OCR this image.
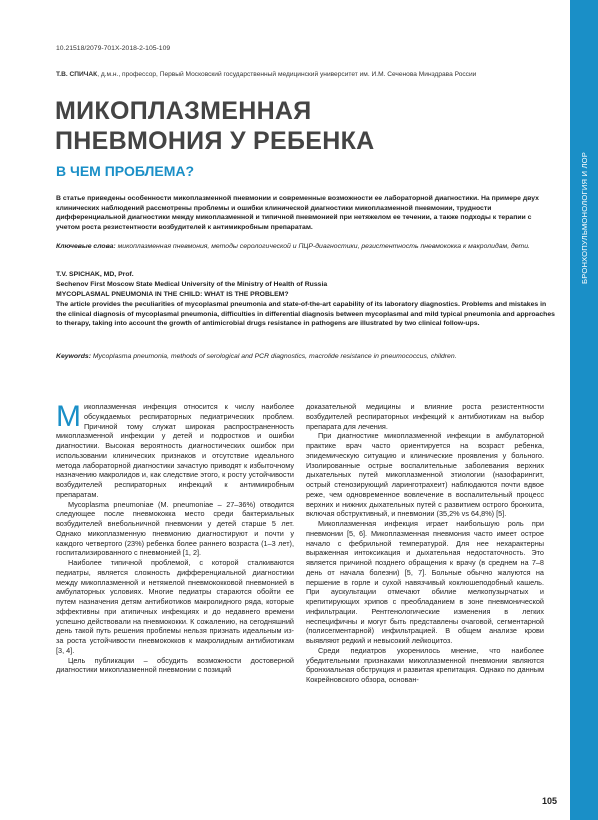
БРОНХОПУЛЬМОНОЛОГИЯ И ЛОР
10.21518/2079-701X-2018-2-105-109
Т.В. СПИЧАК, д.м.н., профессор, Первый Московский государственный медицинский университет им. И.М. Сеченова Минздрава России
МИКОПЛАЗМЕННАЯ
ПНЕВМОНИЯ У РЕБЕНКА
В ЧЕМ ПРОБЛЕМА?
В статье приведены особенности микоплазменной пневмонии и современные возможности ее лабораторной диагностики. На примере двух клинических наблюдений рассмотрены проблемы и ошибки клинической диагностики микоплазменной пневмонии, трудности дифференциальной диагностики между микоплазменной и типичной пневмонией при нетяжелом ее течении, а также подходы к терапии с учетом роста резистентности возбудителей к антимикробным препаратам.
Ключевые слова: микоплазменная пневмония, методы серологической и ПЦР-диагностики, резистентность пневмококка к макролидам, дети.
T.V. SPICHAK, MD, Prof.
Sechenov First Moscow State Medical University of the Ministry of Health of Russia
MYCOPLASMAL PNEUMONIA IN THE CHILD: WHAT IS THE PROBLEM?
The article provides the peculiarities of mycoplasmal pneumonia and state-of-the-art capability of its laboratory diagnostics. Problems and mistakes in the clinical diagnosis of mycoplasmal pneumonia, difficulties in differential diagnosis between mycoplasmal and mild typical pneumonia and approaches to therapy, taking into account the growth of antimicrobial drugs resistance in pathogens are illustrated by two clinical follow-ups.
Keywords: Mycoplasma pneumonia, methods of serological and PCR diagnostics, macrolide resistance in pneumococcus, children.

Микоплазменная инфекция относится к числу наиболее обсуждаемых респираторных педиатрических проблем. Причиной тому служат широкая распространенность микоплазменной инфекции у детей и подростков и ошибки диагностики. Высокая вероятность диагностических ошибок при использовании клинических признаков и отсутствие идеального метода лабораторной диагностики зачастую приводят к избыточному назначению макролидов и, как следствие этого, к росту устойчивости возбудителей респираторных инфекций к антимикробным препаратам.

Mycoplasma pneumoniae (M. pneumoniae – 27–36%) отводится следующее после пневмококка место среди бактериальных возбудителей внебольничной пневмонии у детей старше 5 лет. Однако микоплазменную пневмонию диагностируют и почти у каждого четвертого (23%) ребенка более раннего возраста (1–3 лет), госпитализированного с пневмонией [1, 2].

Наиболее типичной проблемой, с которой сталкиваются педиатры, является сложность дифференциальной диагностики между микоплазменной и нетяжелой пневмококковой пневмонией в амбулаторных условиях. Многие педиатры стараются обойти ее путем назначения детям антибиотиков макролидного ряда, которые эффективны при атипичных инфекциях и до недавнего времени успешно действовали на пневмококки. К сожалению, на сегодняшний день такой путь решения проблемы нельзя признать идеальным из-за роста устойчивости пневмококков к макролидным антибиотикам [3, 4].

Цель публикации – обсудить возможности достоверной диагностики микоплазменной пневмонии с позиций

доказательной медицины и влияние роста резистентности возбудителей респираторных инфекций к антибиотикам на выбор препарата для лечения.

При диагностике микоплазменной инфекции в амбулаторной практике врач часто ориентируется на возраст ребенка, эпидемическую ситуацию и клинические проявления у больного. Изолированные острые воспалительные заболевания верхних дыхательных путей микоплазменной этиологии (назофарингит, острый стенозирующий ларинготрахеит) наблюдаются почти вдвое реже, чем одновременное вовлечение в воспалительный процесс верхних и нижних дыхательных путей с развитием острого бронхита, включая обструктивный, и пневмонии (35,2% vs 64,8%) [5].

Микоплазменная инфекция играет наибольшую роль при пневмонии [5, 6]. Микоплазменная пневмония часто имеет острое начало с фебрильной температурой. Для нее нехарактерны выраженная интоксикация и дыхательная недостаточность. Это является причиной позднего обращения к врачу (в среднем на 7–8 день от начала болезни) [5, 7]. Больные обычно жалуются на першение в горле и сухой навязчивый коклюшеподобный кашель. При аускультации отмечают обилие мелкопузырчатых и крепитирующих хрипов с преобладанием в зоне пневмонической инфильтрации. Рентгенологические изменения в легких неспецифичны и могут быть представлены очаговой, сегментарной (полисегментарной) инфильтрацией. В общем анализе крови выявляют редкий и невысокий лейкоцитоз.

Среди педиатров укоренилось мнение, что наиболее убедительными признаками микоплазменной пневмонии являются бронхиальная обструкция и развитая крепитация. Однако по данным Кокрейновского обзора, основан-

105
